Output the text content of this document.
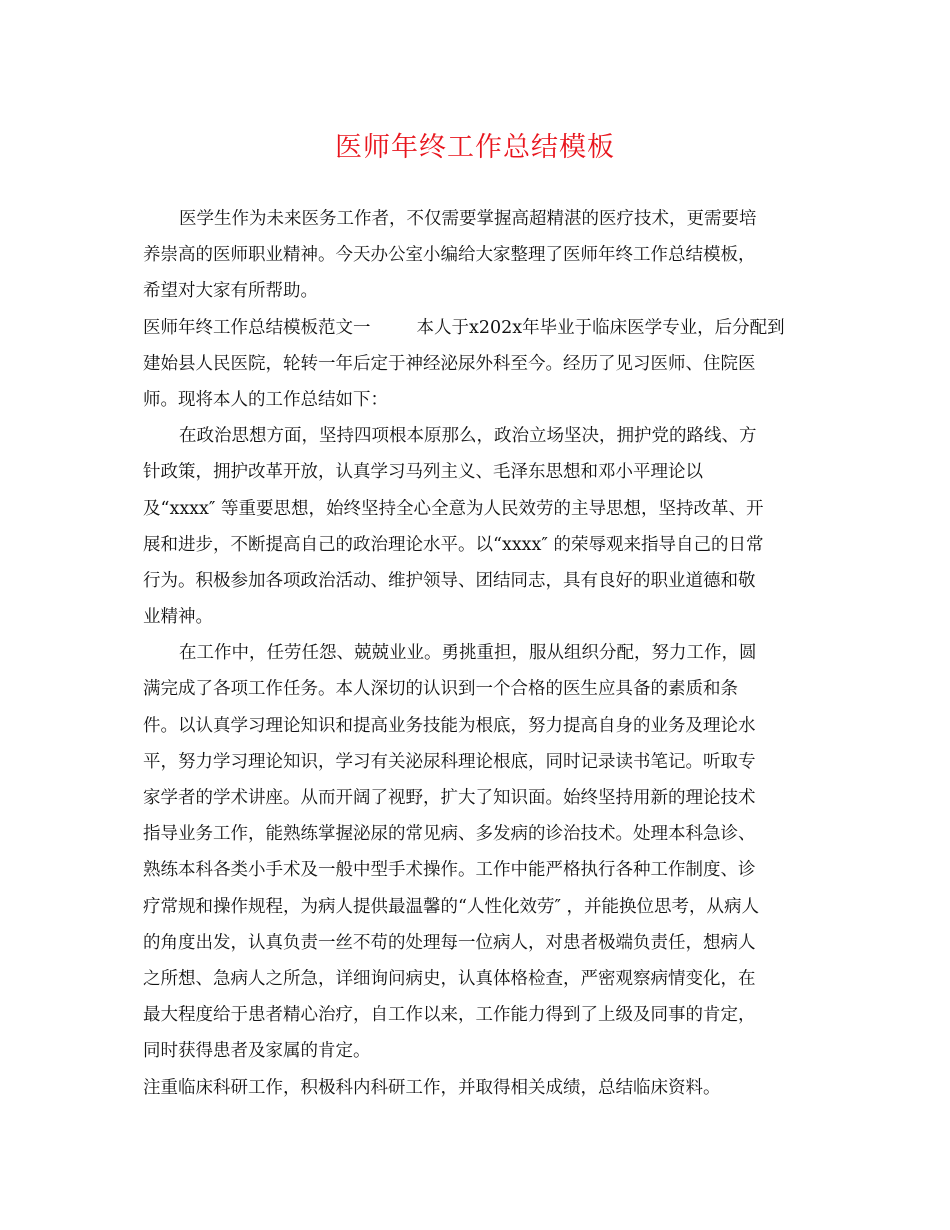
医师年终工作总结模板
医学生作为未来医务工作者，不仅需要掌握高超精湛的医疗技术，更需要培
养崇高的医师职业精神。今天办公室小编给大家整理了医师年终工作总结模板，
希望对大家有所帮助。
医师年终工作总结模板范文一	本人于x202x年毕业于临床医学专业，后分配到
建始县人民医院，轮转一年后定于神经泌尿外科至今。经历了见习医师、住院医
师。现将本人的工作总结如下：
在政治思想方面，坚持四项根本原那么，政治立场坚决，拥护党的路线、方
针政策，拥护改革开放，认真学习马列主义、毛泽东思想和邓小平理论以
及“xxxx″ 等重要思想，始终坚持全心全意为人民效劳的主导思想，坚持改革、开
展和进步，不断提高自己的政治理论水平。以“xxxx″ 的荣辱观来指导自己的日常
行为。积极参加各项政治活动、维护领导、团结同志，具有良好的职业道德和敬
业精神。
在工作中，任劳任怨、兢兢业业。勇挑重担，服从组织分配，努力工作，圆
满完成了各项工作任务。本人深切的认识到一个合格的医生应具备的素质和条
件。以认真学习理论知识和提高业务技能为根底，努力提高自身的业务及理论水
平，努力学习理论知识，学习有关泌尿科理论根底，同时记录读书笔记。听取专
家学者的学术讲座。从而开阔了视野，扩大了知识面。始终坚持用新的理论技术
指导业务工作，能熟练掌握泌尿的常见病、多发病的诊治技术。处理本科急诊、
熟练本科各类小手术及一般中型手术操作。工作中能严格执行各种工作制度、诊
疗常规和操作规程，为病人提供最温馨的“人性化效劳″ ，并能换位思考，从病人
的角度出发，认真负责一丝不苟的处理每一位病人，对患者极端负责任，想病人
之所想、急病人之所急，详细询问病史，认真体格检查，严密观察病情变化，在
最大程度给于患者精心治疗，自工作以来，工作能力得到了上级及同事的肯定，
同时获得患者及家属的肯定。
注重临床科研工作，积极科内科研工作，并取得相关成绩，总结临床资料。
